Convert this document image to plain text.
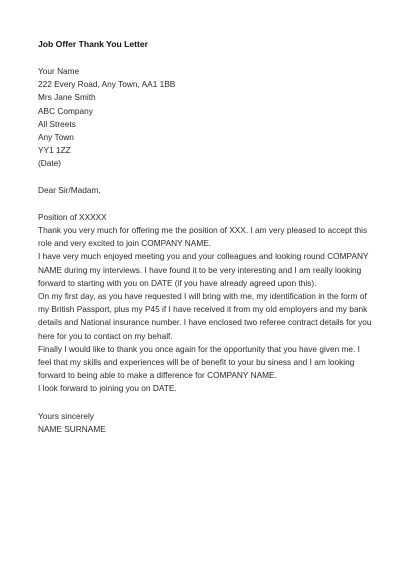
Job Offer Thank You Letter
Your Name
222 Every Road, Any Town, AA1 1BB
Mrs Jane Smith
ABC Company
All Streets
Any Town
YY1 1ZZ
(Date)
Dear Sir/Madam,
Position of XXXXX
Thank you very much for offering me the position of XXX. I am very pleased to accept this
role and very excited to join COMPANY NAME.
I have very much enjoyed meeting you and your colleagues and looking round COMPANY
NAME during my interviews. I have found it to be very interesting and I am really looking
forward to starting with you on DATE (if you have already agreed upon this).
On my first day, as you have requested I will bring with me, my identification in the form of
my British Passport, plus my P45 if I have received it from my old employers and my bank
details and National insurance number. I have enclosed two referee contract details for you
here for you to contact on my behalf.
Finally I would like to thank you once again for the opportunity that you have given me. I
feel that my skills and experiences will be of benefit to your bu siness and I am looking
forward to being able to make a difference for COMPANY NAME.
I look forward to joining you on DATE.
Yours sincerely
NAME SURNAME
